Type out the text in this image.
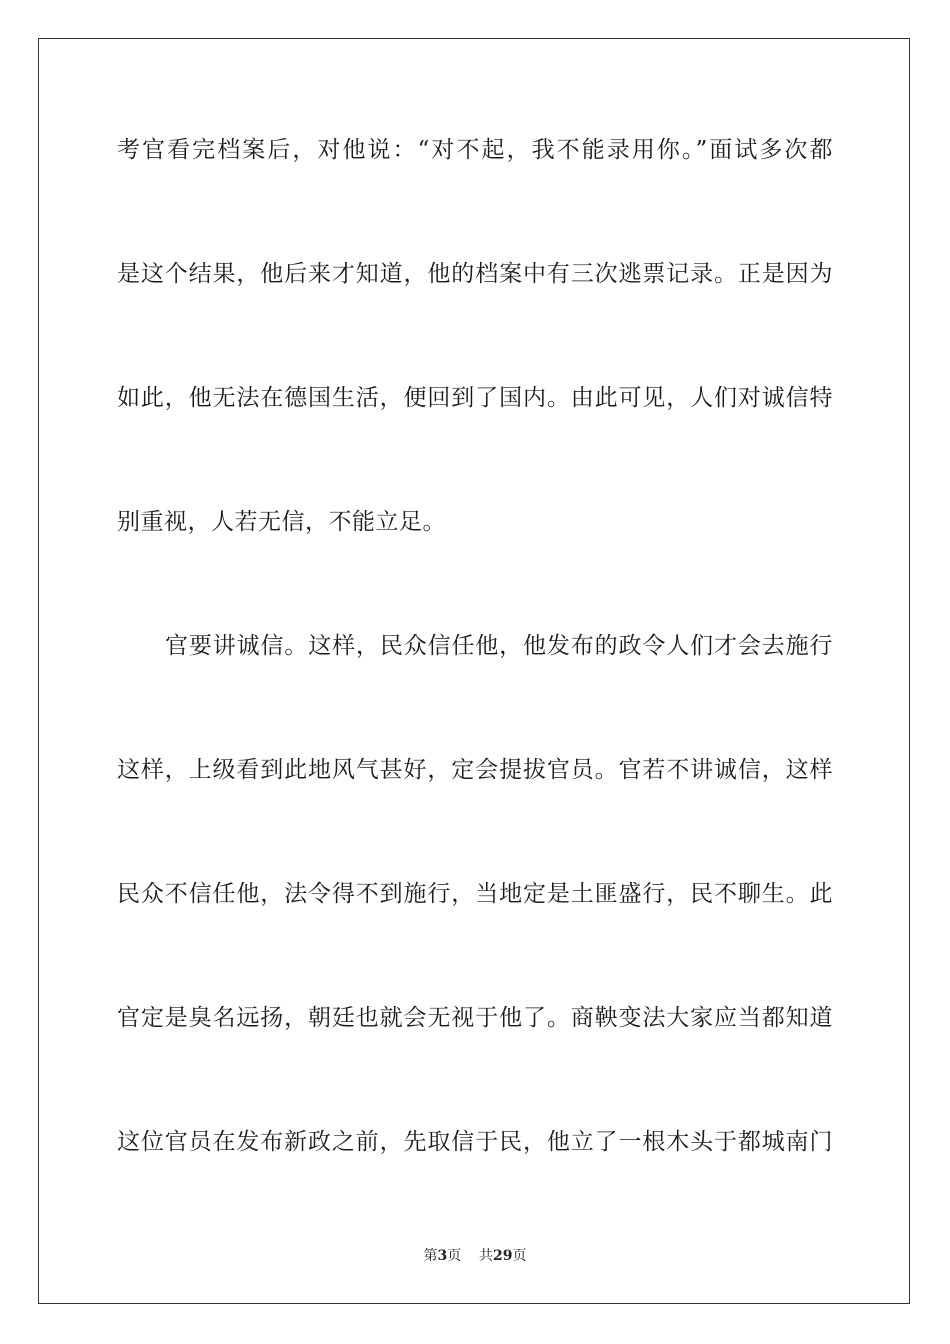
考官看完档案后，对他说：“对不起，我不能录用你。”面试多次都
是这个结果，他后来才知道，他的档案中有三次逃票记录。正是因为
如此，他无法在德国生活，便回到了国内。由此可见，人们对诚信特
别重视，人若无信，不能立足。
官要讲诚信。这样，民众信任他，他发布的政令人们才会去施行
这样，上级看到此地风气甚好，定会提拔官员。官若不讲诚信，这样
民众不信任他，法令得不到施行，当地定是土匪盛行，民不聊生。此
官定是臭名远扬，朝廷也就会无视于他了。商鞅变法大家应当都知道
这位官员在发布新政之前，先取信于民，他立了一根木头于都城南门
第3页 共29页
